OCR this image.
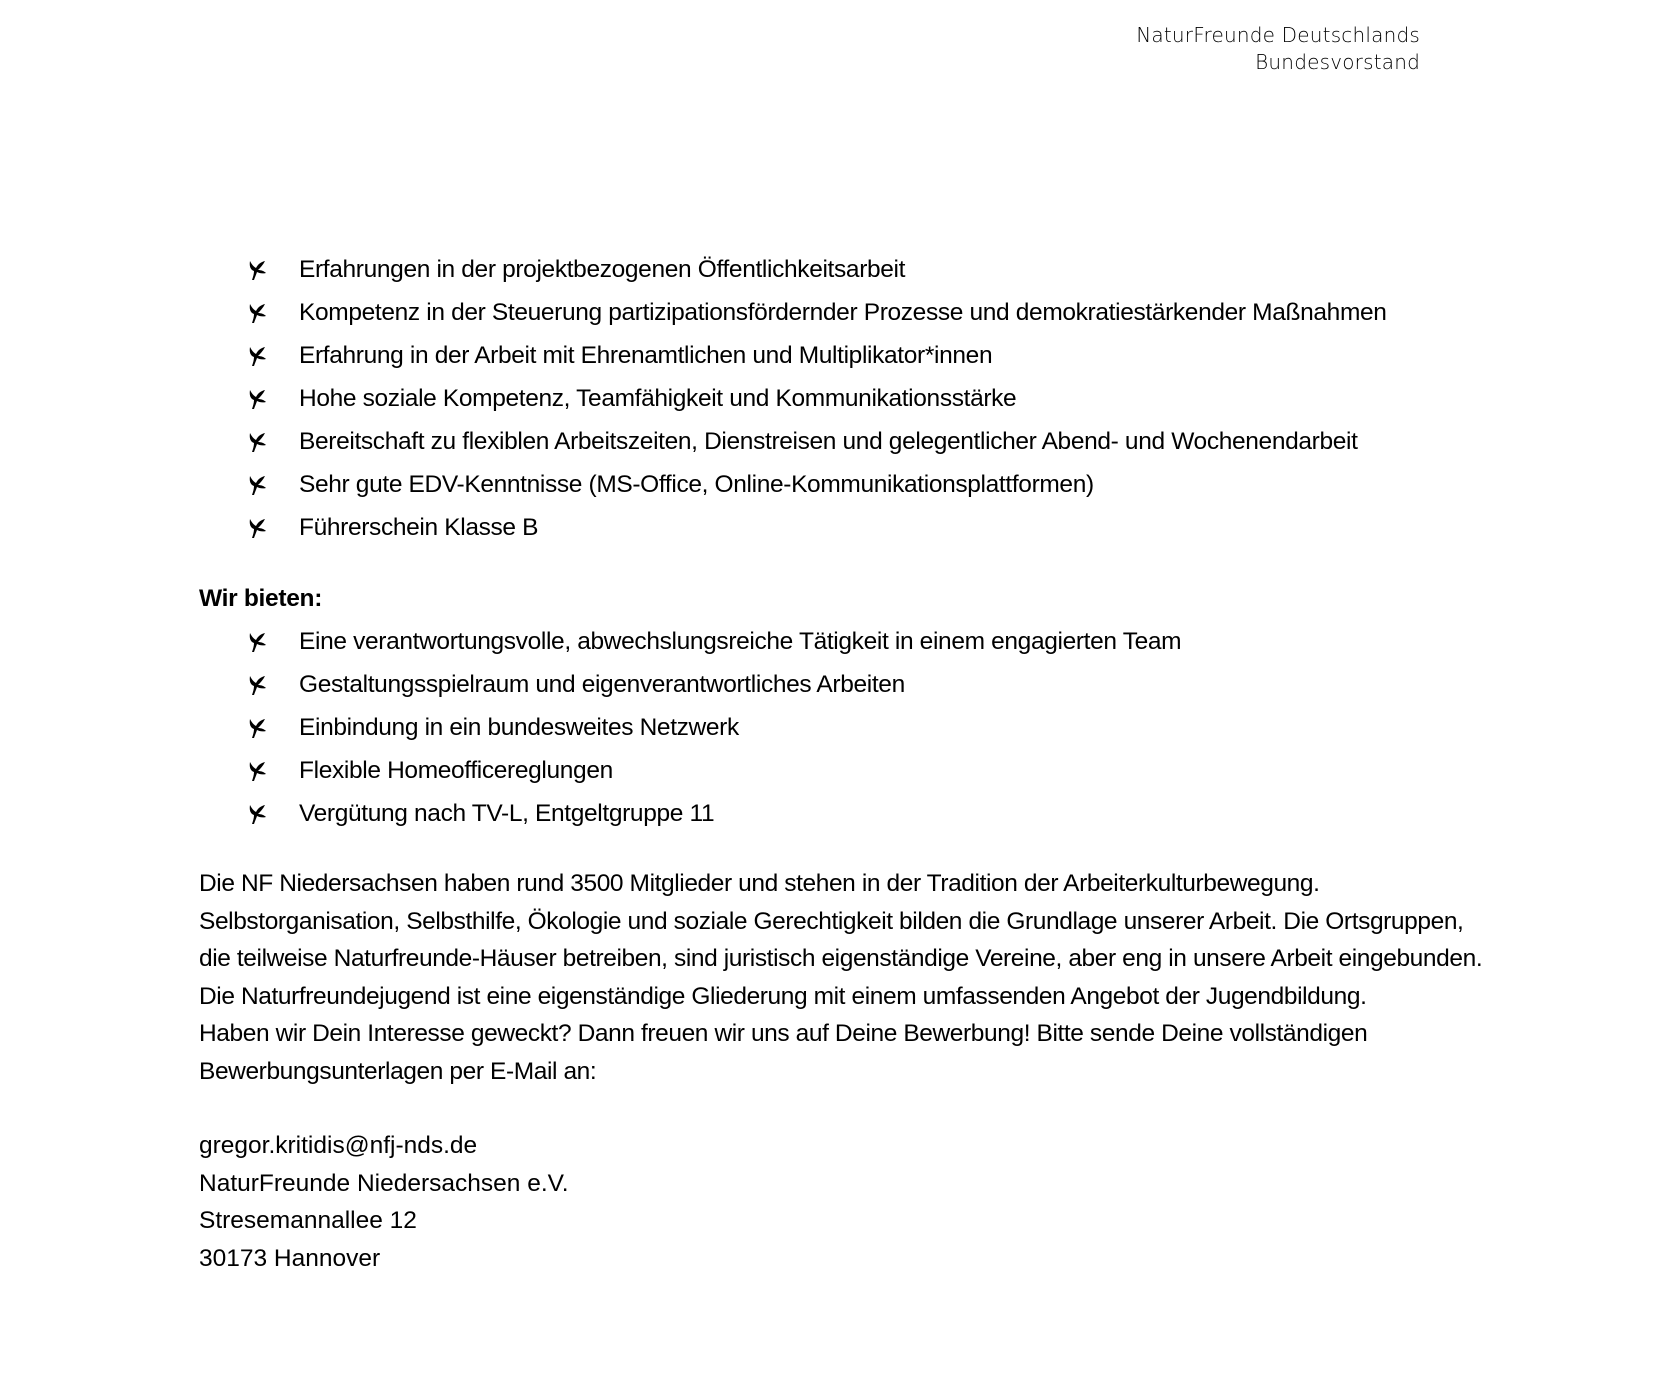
NaturFreunde Deutschlands
Bundesvorstand
Erfahrungen in der projektbezogenen Öffentlichkeitsarbeit
Kompetenz in der Steuerung partizipationsfördernder Prozesse und demokratiestärkender Maßnahmen
Erfahrung in der Arbeit mit Ehrenamtlichen und Multiplikator*innen
Hohe soziale Kompetenz, Teamfähigkeit und Kommunikationsstärke
Bereitschaft zu flexiblen Arbeitszeiten, Dienstreisen und gelegentlicher Abend- und Wochenendarbeit
Sehr gute EDV-Kenntnisse (MS-Office, Online-Kommunikationsplattformen)
Führerschein Klasse B
Wir bieten:
Eine verantwortungsvolle, abwechslungsreiche Tätigkeit in einem engagierten Team
Gestaltungsspielraum und eigenverantwortliches Arbeiten
Einbindung in ein bundesweites Netzwerk
Flexible Homeofficereglungen
Vergütung nach TV-L, Entgeltgruppe 11

Die NF Niedersachsen haben rund 3500 Mitglieder und stehen in der Tradition der Arbeiterkulturbewegung. Selbstorganisation, Selbsthilfe, Ökologie und soziale Gerechtigkeit bilden die Grundlage unserer Arbeit. Die Ortsgruppen, die teilweise Naturfreunde-Häuser betreiben, sind juristisch eigenständige Vereine, aber eng in unsere Arbeit eingebunden. Die Naturfreundejugend ist eine eigenständige Gliederung mit einem umfassenden Angebot der Jugendbildung.

Haben wir Dein Interesse geweckt? Dann freuen wir uns auf Deine Bewerbung! Bitte sende Deine vollständigen Bewerbungsunterlagen per E-Mail an:

gregor.kritidis@nfj-nds.de
NaturFreunde Niedersachsen e.V.
Stresemannallee 12
30173 Hannover
